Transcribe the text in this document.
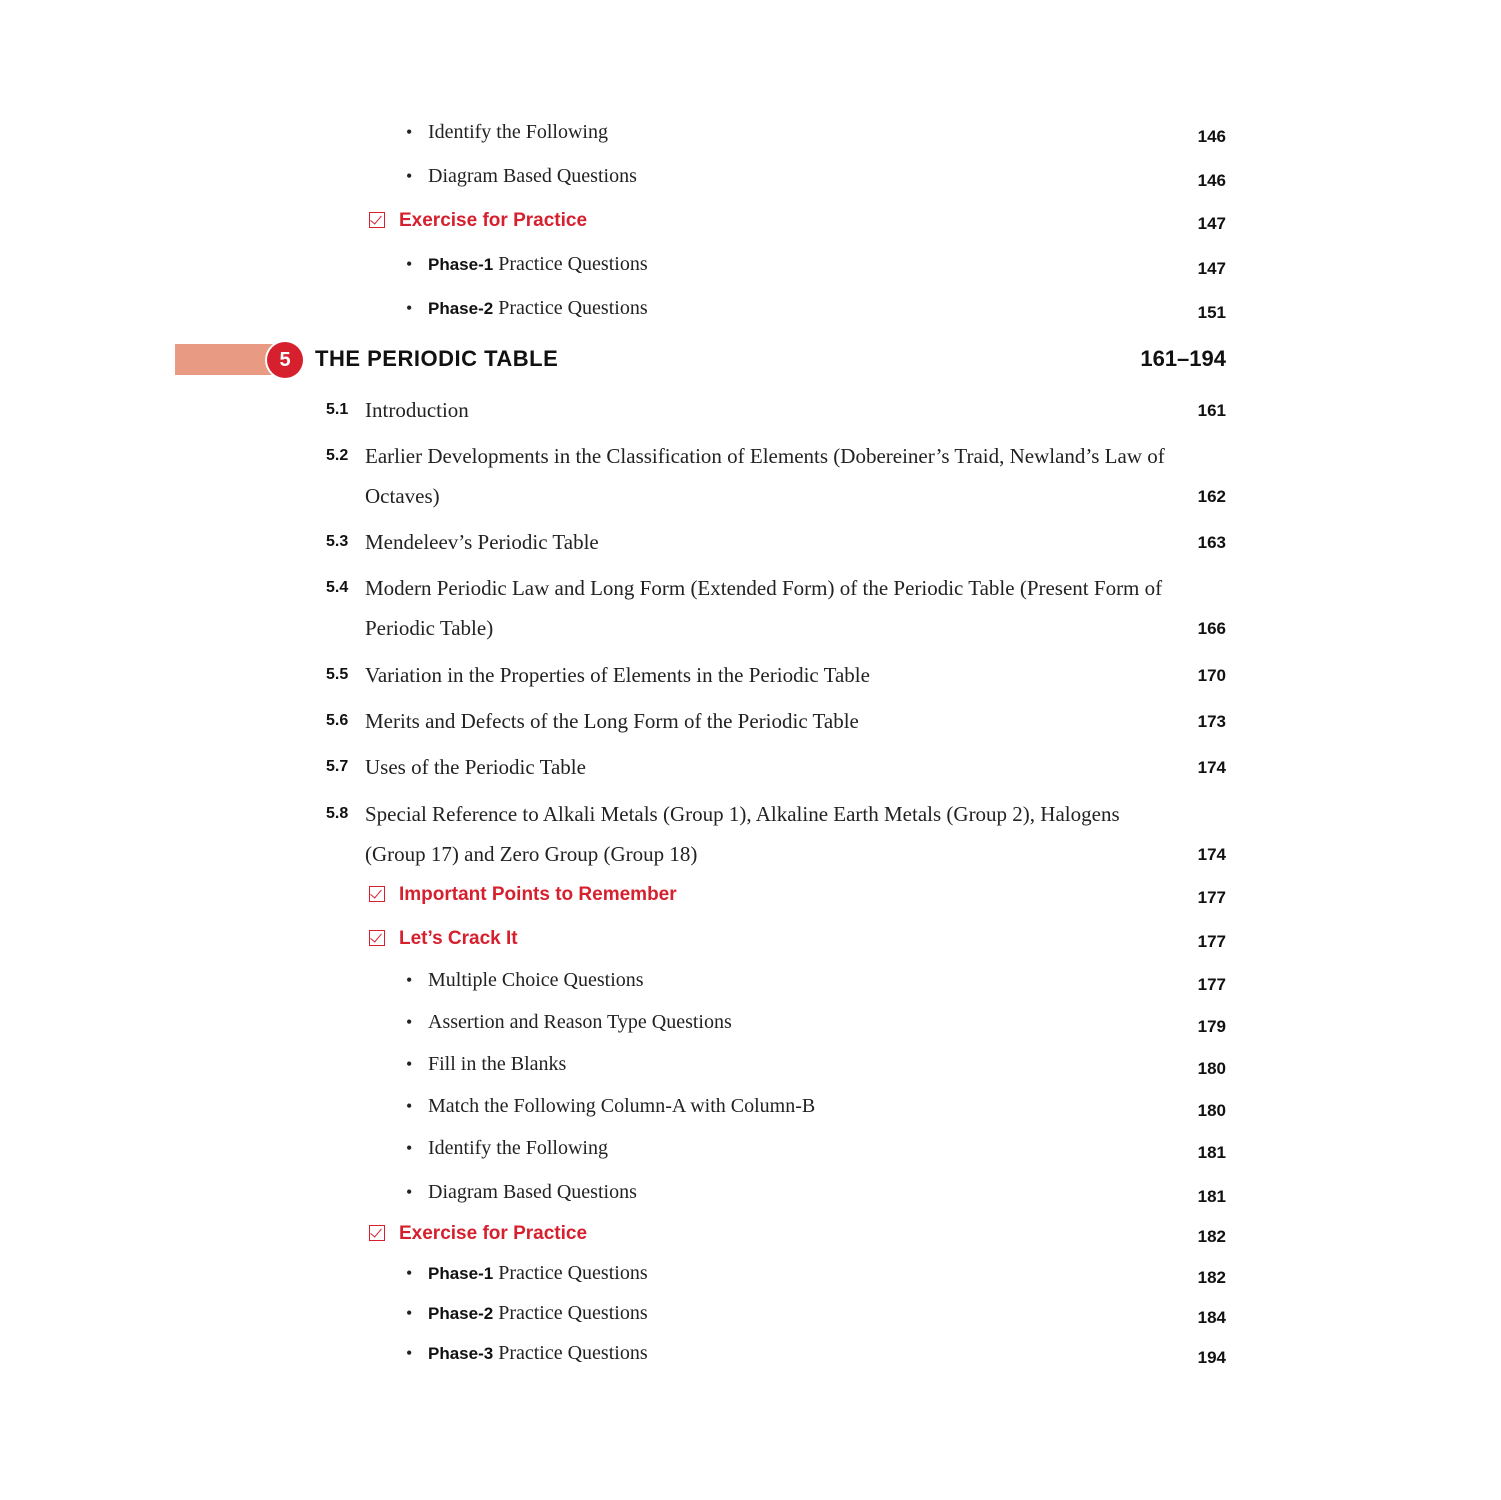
• Identify the Following	146
• Diagram Based Questions	146
Exercise for Practice	147
• Phase-1 Practice Questions	147
• Phase-2 Practice Questions	151
5	THE PERIODIC TABLE	161–194
5.1 Introduction	161
5.2 Earlier Developments in the Classification of Elements (Dobereiner’s Traid, Newland’s Law of Octaves)	162
5.3 Mendeleev’s Periodic Table	163
5.4 Modern Periodic Law and Long Form (Extended Form) of the Periodic Table (Present Form of Periodic Table)	166
5.5 Variation in the Properties of Elements in the Periodic Table	170
5.6 Merits and Defects of the Long Form of the Periodic Table	173
5.7 Uses of the Periodic Table	174
5.8 Special Reference to Alkali Metals (Group 1), Alkaline Earth Metals (Group 2), Halogens (Group 17) and Zero Group (Group 18)	174
Important Points to Remember	177
Let’s Crack It	177
• Multiple Choice Questions	177
• Assertion and Reason Type Questions	179
• Fill in the Blanks	180
• Match the Following Column-A with Column-B	180
• Identify the Following	181
• Diagram Based Questions	181
Exercise for Practice	182
• Phase-1 Practice Questions	182
• Phase-2 Practice Questions	184
• Phase-3 Practice Questions	194
